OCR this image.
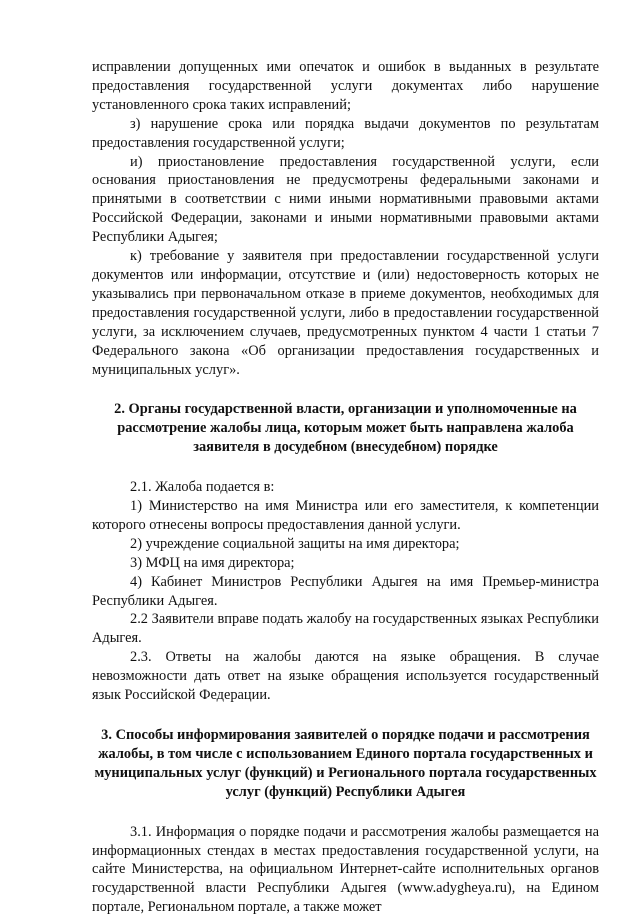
исправлении допущенных ими опечаток и ошибок в выданных в результате предоставления государственной услуги документах либо нарушение установленного срока таких исправлений;

з) нарушение срока или порядка выдачи документов по результатам предоставления государственной услуги;

и) приостановление предоставления государственной услуги, если основания приостановления не предусмотрены федеральными законами и принятыми в соответствии с ними иными нормативными правовыми актами Российской Федерации, законами и иными нормативными правовыми актами Республики Адыгея;

к) требование у заявителя при предоставлении государственной услуги документов или информации, отсутствие и (или) недостоверность которых не указывались при первоначальном отказе в приеме документов, необходимых для предоставления государственной услуги, либо в предоставлении государственной услуги, за исключением случаев, предусмотренных пунктом 4 части 1 статьи 7 Федерального закона «Об организации предоставления государственных и муниципальных услуг».

2. Органы государственной власти, организации и уполномоченные на рассмотрение жалобы лица, которым может быть направлена жалоба заявителя в досудебном (внесудебном) порядке

2.1. Жалоба подается в:

1) Министерство на имя Министра или его заместителя, к компетенции которого отнесены вопросы предоставления данной услуги.

2) учреждение социальной защиты на имя директора;

3) МФЦ на имя директора;

4) Кабинет Министров Республики Адыгея на имя Премьер-министра Республики Адыгея.

2.2 Заявители вправе подать жалобу на государственных языках Республики Адыгея.

2.3. Ответы на жалобы даются на языке обращения. В случае невозможности дать ответ на языке обращения используется государственный язык Российской Федерации.

3. Способы информирования заявителей о порядке подачи и рассмотрения жалобы, в том числе с использованием Единого портала государственных и муниципальных услуг (функций) и Регионального портала государственных услуг (функций) Республики Адыгея

3.1. Информация о порядке подачи и рассмотрения жалобы размещается на информационных стендах в местах предоставления государственной услуги, на сайте Министерства, на официальном Интернет-сайте исполнительных органов государственной власти Республики Адыгея (www.adygheya.ru), на Едином портале, Региональном портале, а также может
